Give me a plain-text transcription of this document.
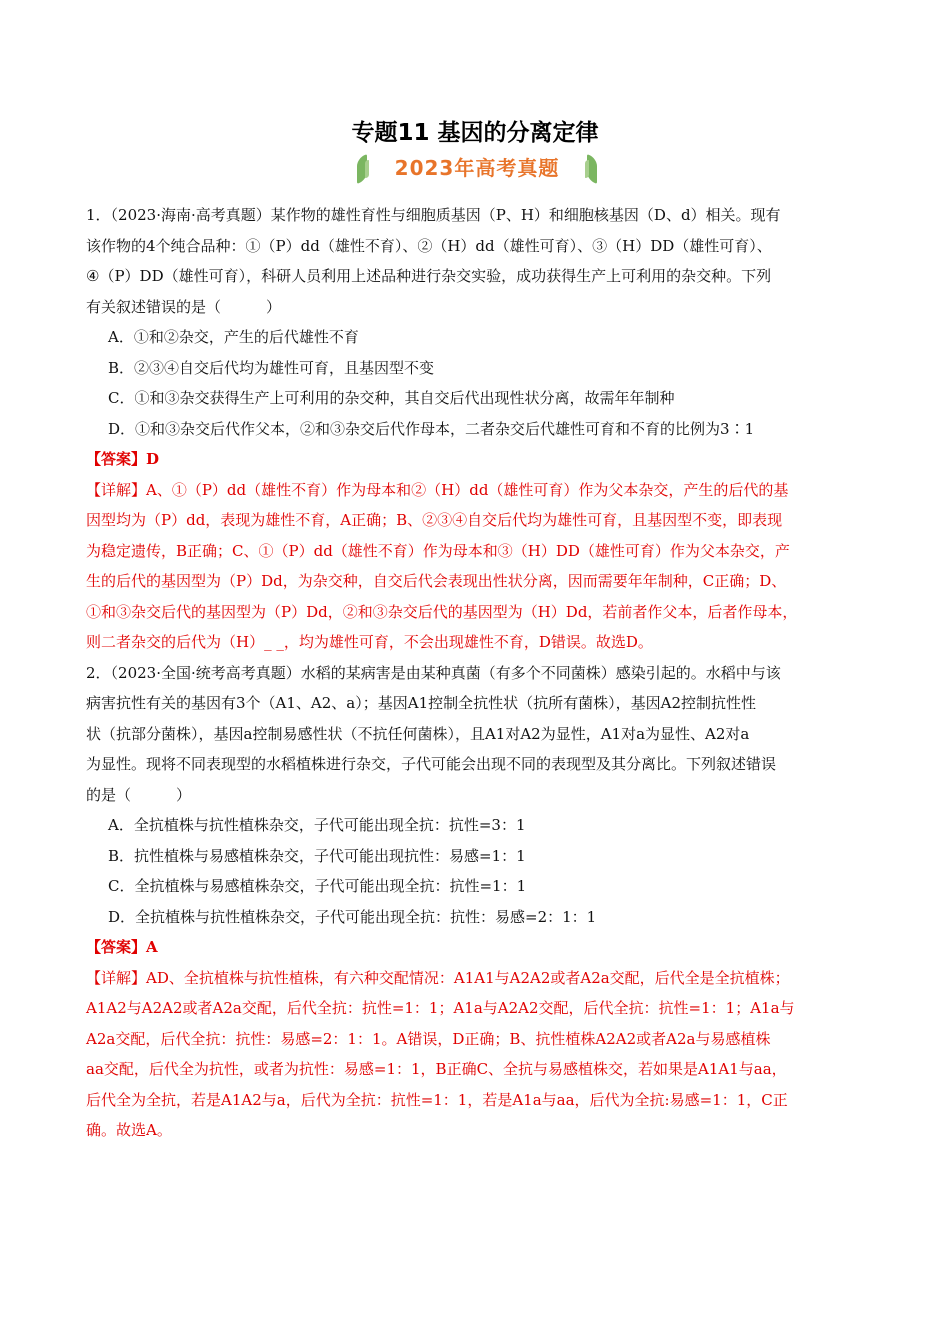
专题11 基因的分离定律
2023年高考真题

1．（2023·海南·高考真题）某作物的雄性育性与细胞质基因（P、H）和细胞核基因（D、d）相关。现有

该作物的4个纯合品种：①（P）dd（雄性不育）、②（H）dd（雄性可育）、③（H）DD（雄性可育）、

④（P）DD（雄性可育），科研人员利用上述品种进行杂交实验，成功获得生产上可利用的杂交种。下列

有关叙述错误的是（　　　）

A．①和②杂交，产生的后代雄性不育

B．②③④自交后代均为雄性可育，且基因型不变

C．①和③杂交获得生产上可利用的杂交种，其自交后代出现性状分离，故需年年制种

D．①和③杂交后代作父本，②和③杂交后代作母本，二者杂交后代雄性可育和不育的比例为3∶1

【答案】D

【详解】A、①（P）dd（雄性不育）作为母本和②（H）dd（雄性可育）作为父本杂交，产生的后代的基

因型均为（P）dd，表现为雄性不育，A正确；B、②③④自交后代均为雄性可育，且基因型不变，即表现

为稳定遗传，B正确；C、①（P）dd（雄性不育）作为母本和③（H）DD（雄性可育）作为父本杂交，产

生的后代的基因型为（P）Dd，为杂交种，自交后代会表现出性状分离，因而需要年年制种，C正确；D、

①和③杂交后代的基因型为（P）Dd，②和③杂交后代的基因型为（H）Dd，若前者作父本，后者作母本，

则二者杂交的后代为（H）_ _，均为雄性可育，不会出现雄性不育，D错误。故选D。

2．（2023·全国·统考高考真题）水稻的某病害是由某种真菌（有多个不同菌株）感染引起的。水稻中与该

病害抗性有关的基因有3个（A1、A2、a）；基因A1控制全抗性状（抗所有菌株），基因A2控制抗性性

状（抗部分菌株），基因a控制易感性状（不抗任何菌株），且A1对A2为显性，A1对a为显性、A2对a

为显性。现将不同表现型的水稻植株进行杂交，子代可能会出现不同的表现型及其分离比。下列叙述错误

的是（　　　）

A．全抗植株与抗性植株杂交，子代可能出现全抗：抗性=3：1

B．抗性植株与易感植株杂交，子代可能出现抗性：易感=1：1

C．全抗植株与易感植株杂交，子代可能出现全抗：抗性=1：1

D．全抗植株与抗性植株杂交，子代可能出现全抗：抗性：易感=2：1：1

【答案】A

【详解】AD、全抗植株与抗性植株，有六种交配情况：A1A1与A2A2或者A2a交配，后代全是全抗植株；

A1A2与A2A2或者A2a交配，后代全抗：抗性=1：1；A1a与A2A2交配，后代全抗：抗性=1：1；A1a与

A2a交配，后代全抗：抗性：易感=2：1：1。A错误，D正确；B、抗性植株A2A2或者A2a与易感植株

aa交配，后代全为抗性，或者为抗性：易感=1：1，B正确C、全抗与易感植株交，若如果是A1A1与aa，

后代全为全抗，若是A1A2与a，后代为全抗：抗性=1：1，若是A1a与aa，后代为全抗:易感=1：1，C正

确。故选A。
